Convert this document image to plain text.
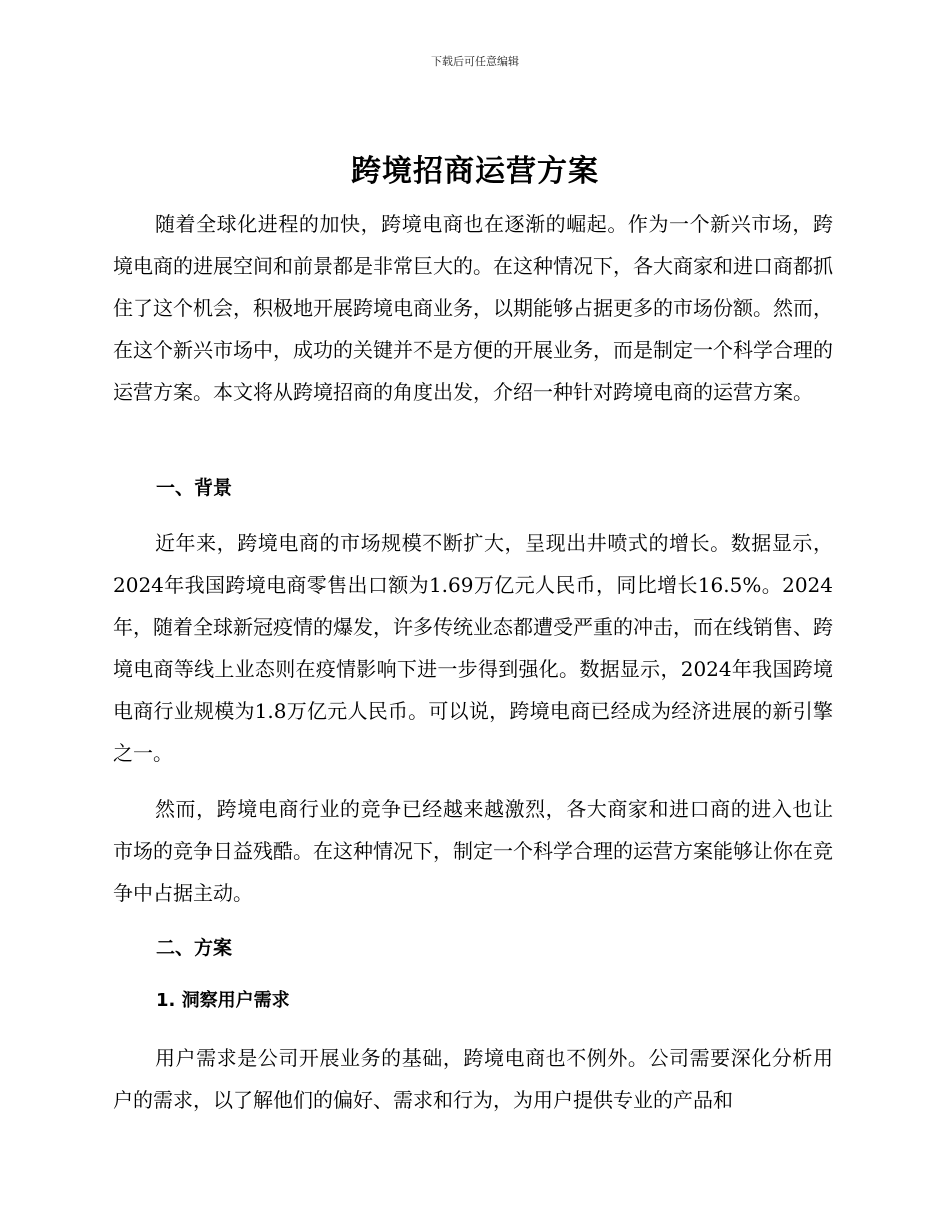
下载后可任意编辑
跨境招商运营方案

随着全球化进程的加快，跨境电商也在逐渐的崛起。作为一个新兴市场，跨境电商的进展空间和前景都是非常巨大的。在这种情况下，各大商家和进口商都抓住了这个机会，积极地开展跨境电商业务，以期能够占据更多的市场份额。然而，在这个新兴市场中，成功的关键并不是方便的开展业务，而是制定一个科学合理的运营方案。本文将从跨境招商的角度出发，介绍一种针对跨境电商的运营方案。

一、背景

近年来，跨境电商的市场规模不断扩大，呈现出井喷式的增长。数据显示，2024年我国跨境电商零售出口额为1.69万亿元人民币，同比增长16.5%。2024年，随着全球新冠疫情的爆发，许多传统业态都遭受严重的冲击，而在线销售、跨境电商等线上业态则在疫情影响下进一步得到强化。数据显示，2024年我国跨境电商行业规模为1.8万亿元人民币。可以说，跨境电商已经成为经济进展的新引擎之一。

然而，跨境电商行业的竞争已经越来越激烈，各大商家和进口商的进入也让市场的竞争日益残酷。在这种情况下，制定一个科学合理的运营方案能够让你在竞争中占据主动。

二、方案
1. 洞察用户需求

用户需求是公司开展业务的基础，跨境电商也不例外。公司需要深化分析用户的需求，以了解他们的偏好、需求和行为，为用户提供专业的产品和
